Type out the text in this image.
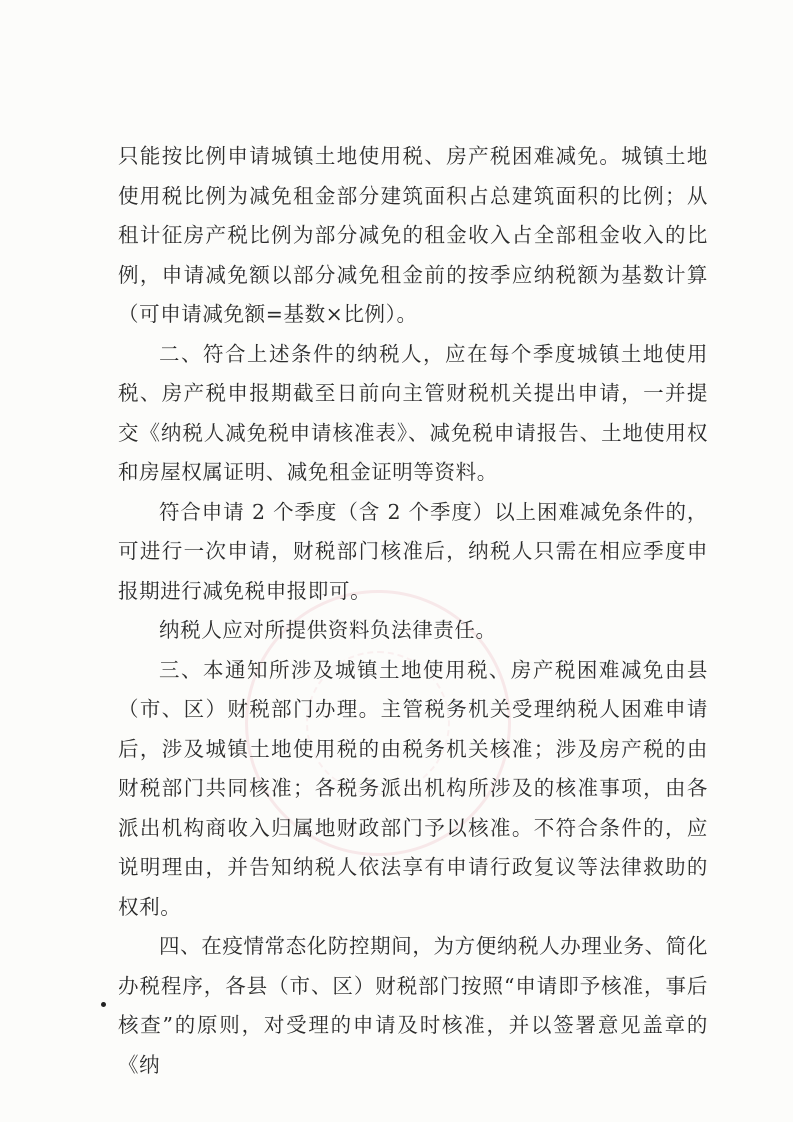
只能按比例申请城镇土地使用税、房产税困难减免。城镇土地使用税比例为减免租金部分建筑面积占总建筑面积的比例；从租计征房产税比例为部分减免的租金收入占全部租金收入的比例，申请减免额以部分减免租金前的按季应纳税额为基数计算（可申请减免额=基数×比例）。

二、符合上述条件的纳税人，应在每个季度城镇土地使用税、房产税申报期截至日前向主管财税机关提出申请，一并提交《纳税人减免税申请核准表》、减免税申请报告、土地使用权和房屋权属证明、减免租金证明等资料。

符合申请 2 个季度（含 2 个季度）以上困难减免条件的，可进行一次申请，财税部门核准后，纳税人只需在相应季度申报期进行减免税申报即可。

纳税人应对所提供资料负法律责任。

三、本通知所涉及城镇土地使用税、房产税困难减免由县（市、区）财税部门办理。主管税务机关受理纳税人困难申请后，涉及城镇土地使用税的由税务机关核准；涉及房产税的由财税部门共同核准；各税务派出机构所涉及的核准事项，由各派出机构商收入归属地财政部门予以核准。不符合条件的，应说明理由，并告知纳税人依法享有申请行政复议等法律救助的权利。

四、在疫情常态化防控期间，为方便纳税人办理业务、简化办税程序，各县（市、区）财税部门按照“申请即予核准，事后核查”的原则，对受理的申请及时核准，并以签署意见盖章的《纳
